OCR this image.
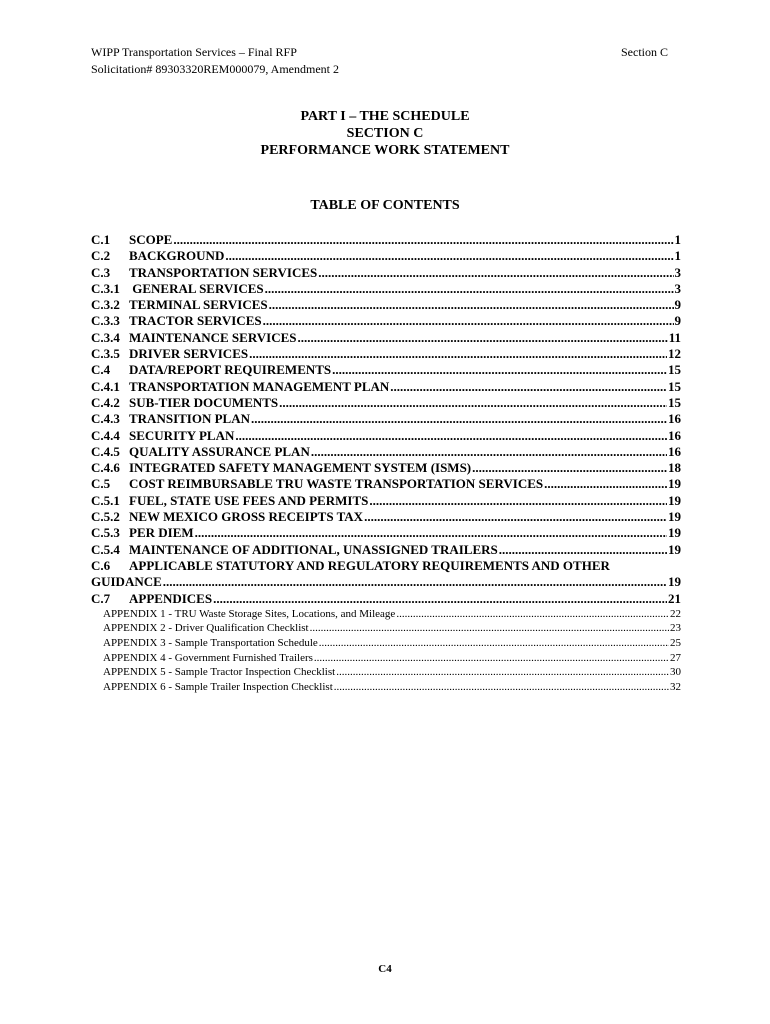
WIPP Transportation Services – Final RFP
Solicitation# 89303320REM000079, Amendment 2
Section C
PART I – THE SCHEDULE
SECTION C
PERFORMANCE WORK STATEMENT
TABLE OF CONTENTS
C.1	SCOPE .....	1
C.2	BACKGROUND .....	1
C.3	TRANSPORTATION SERVICES .....	3
C.3.1 GENERAL SERVICES .....	3
C.3.2 TERMINAL SERVICES .....	9
C.3.3 TRACTOR SERVICES .....	9
C.3.4 MAINTENANCE SERVICES .....	11
C.3.5 DRIVER SERVICES .....	12
C.4	DATA/REPORT REQUIREMENTS .....	15
C.4.1 TRANSPORTATION MANAGEMENT PLAN .....	15
C.4.2 SUB-TIER DOCUMENTS .....	15
C.4.3 TRANSITION PLAN .....	16
C.4.4 SECURITY PLAN .....	16
C.4.5 QUALITY ASSURANCE PLAN .....	16
C.4.6 INTEGRATED SAFETY MANAGEMENT SYSTEM (ISMS) .....	18
C.5	COST REIMBURSABLE TRU WASTE TRANSPORTATION SERVICES .....	19
C.5.1 FUEL, STATE USE FEES AND PERMITS .....	19
C.5.2 NEW MEXICO GROSS RECEIPTS TAX .....	19
C.5.3 PER DIEM .....	19
C.5.4 MAINTENANCE OF ADDITIONAL, UNASSIGNED TRAILERS .....	19
C.6 APPLICABLE STATUTORY AND REGULATORY REQUIREMENTS AND OTHER
GUIDANCE .....	19
C.7	APPENDICES .....	21
APPENDIX 1 - TRU Waste Storage Sites, Locations, and Mileage .....	22
APPENDIX 2 - Driver Qualification Checklist .....	23
APPENDIX 3 - Sample Transportation Schedule .....	25
APPENDIX 4 - Government Furnished Trailers .....	27
APPENDIX 5 - Sample Tractor Inspection Checklist .....	30
APPENDIX 6 - Sample Trailer Inspection Checklist .....	32
C4
